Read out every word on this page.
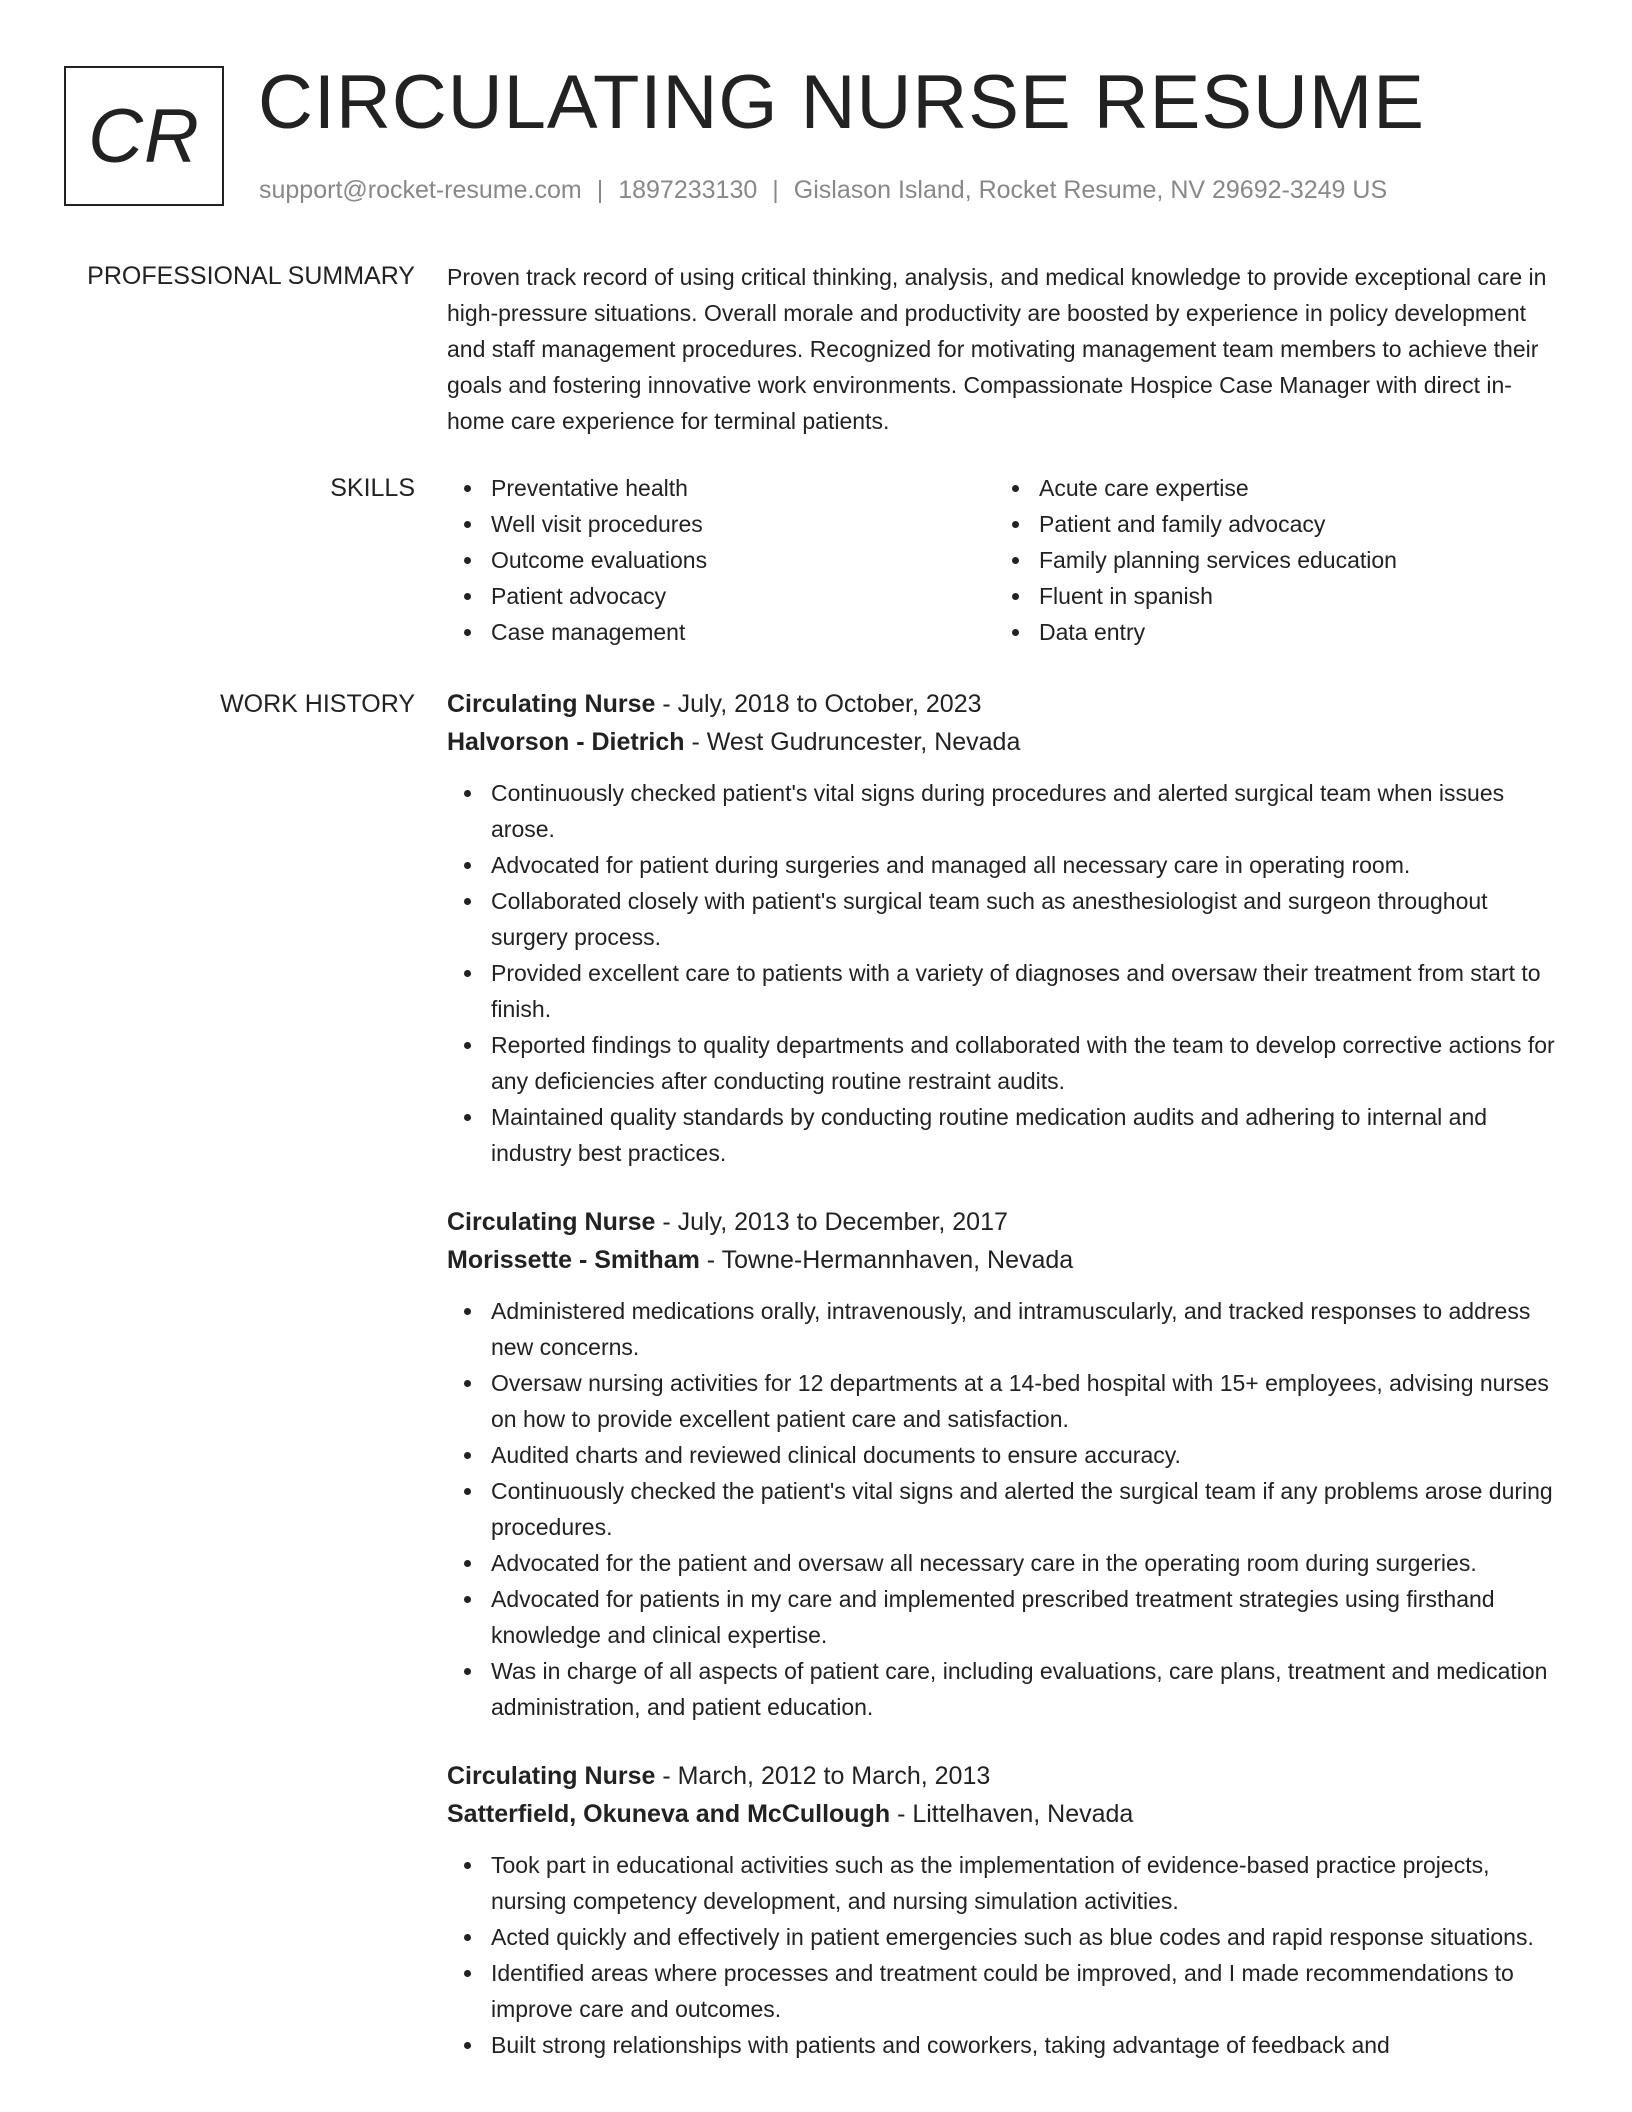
CR CIRCULATING NURSE RESUME
support@rocket-resume.com | 1897233130 | Gislason Island, Rocket Resume, NV 29692-3249 US
PROFESSIONAL SUMMARY Proven track record of using critical thinking, analysis, and medical knowledge to provide exceptional care in high-pressure situations. Overall morale and productivity are boosted by experience in policy development and staff management procedures. Recognized for motivating management team members to achieve their goals and fostering innovative work environments. Compassionate Hospice Case Manager with direct in-home care experience for terminal patients.

SKILLS	Preventative health
Well visit procedures
Outcome evaluations
Patient advocacy
Case management
Acute care expertise
Patient and family advocacy
Family planning services education
Fluent in spanish
Data entry
WORK HISTORY Circulating Nurse - July, 2018 to October, 2023
Halvorson - Dietrich - West Gudruncester, Nevada
Continuously checked patient's vital signs during procedures and alerted surgical team when issues arose.
Advocated for patient during surgeries and managed all necessary care in operating room.
Collaborated closely with patient's surgical team such as anesthesiologist and surgeon throughout surgery process.
Provided excellent care to patients with a variety of diagnoses and oversaw their treatment from start to finish.
Reported findings to quality departments and collaborated with the team to develop corrective actions for any deficiencies after conducting routine restraint audits.
Maintained quality standards by conducting routine medication audits and adhering to internal and industry best practices.
Circulating Nurse - July, 2013 to December, 2017
Morissette - Smitham - Towne-Hermannhaven, Nevada
Administered medications orally, intravenously, and intramuscularly, and tracked responses to address new concerns.
Oversaw nursing activities for 12 departments at a 14-bed hospital with 15+ employees, advising nurses on how to provide excellent patient care and satisfaction.
Audited charts and reviewed clinical documents to ensure accuracy.
Continuously checked the patient's vital signs and alerted the surgical team if any problems arose during procedures.
Advocated for the patient and oversaw all necessary care in the operating room during surgeries.
Advocated for patients in my care and implemented prescribed treatment strategies using firsthand knowledge and clinical expertise.
Was in charge of all aspects of patient care, including evaluations, care plans, treatment and medication administration, and patient education.
Circulating Nurse - March, 2012 to March, 2013
Satterfield, Okuneva and McCullough - Littelhaven, Nevada
Took part in educational activities such as the implementation of evidence-based practice projects, nursing competency development, and nursing simulation activities.
Acted quickly and effectively in patient emergencies such as blue codes and rapid response situations.
Identified areas where processes and treatment could be improved, and I made recommendations to improve care and outcomes.
Built strong relationships with patients and coworkers, taking advantage of feedback and
